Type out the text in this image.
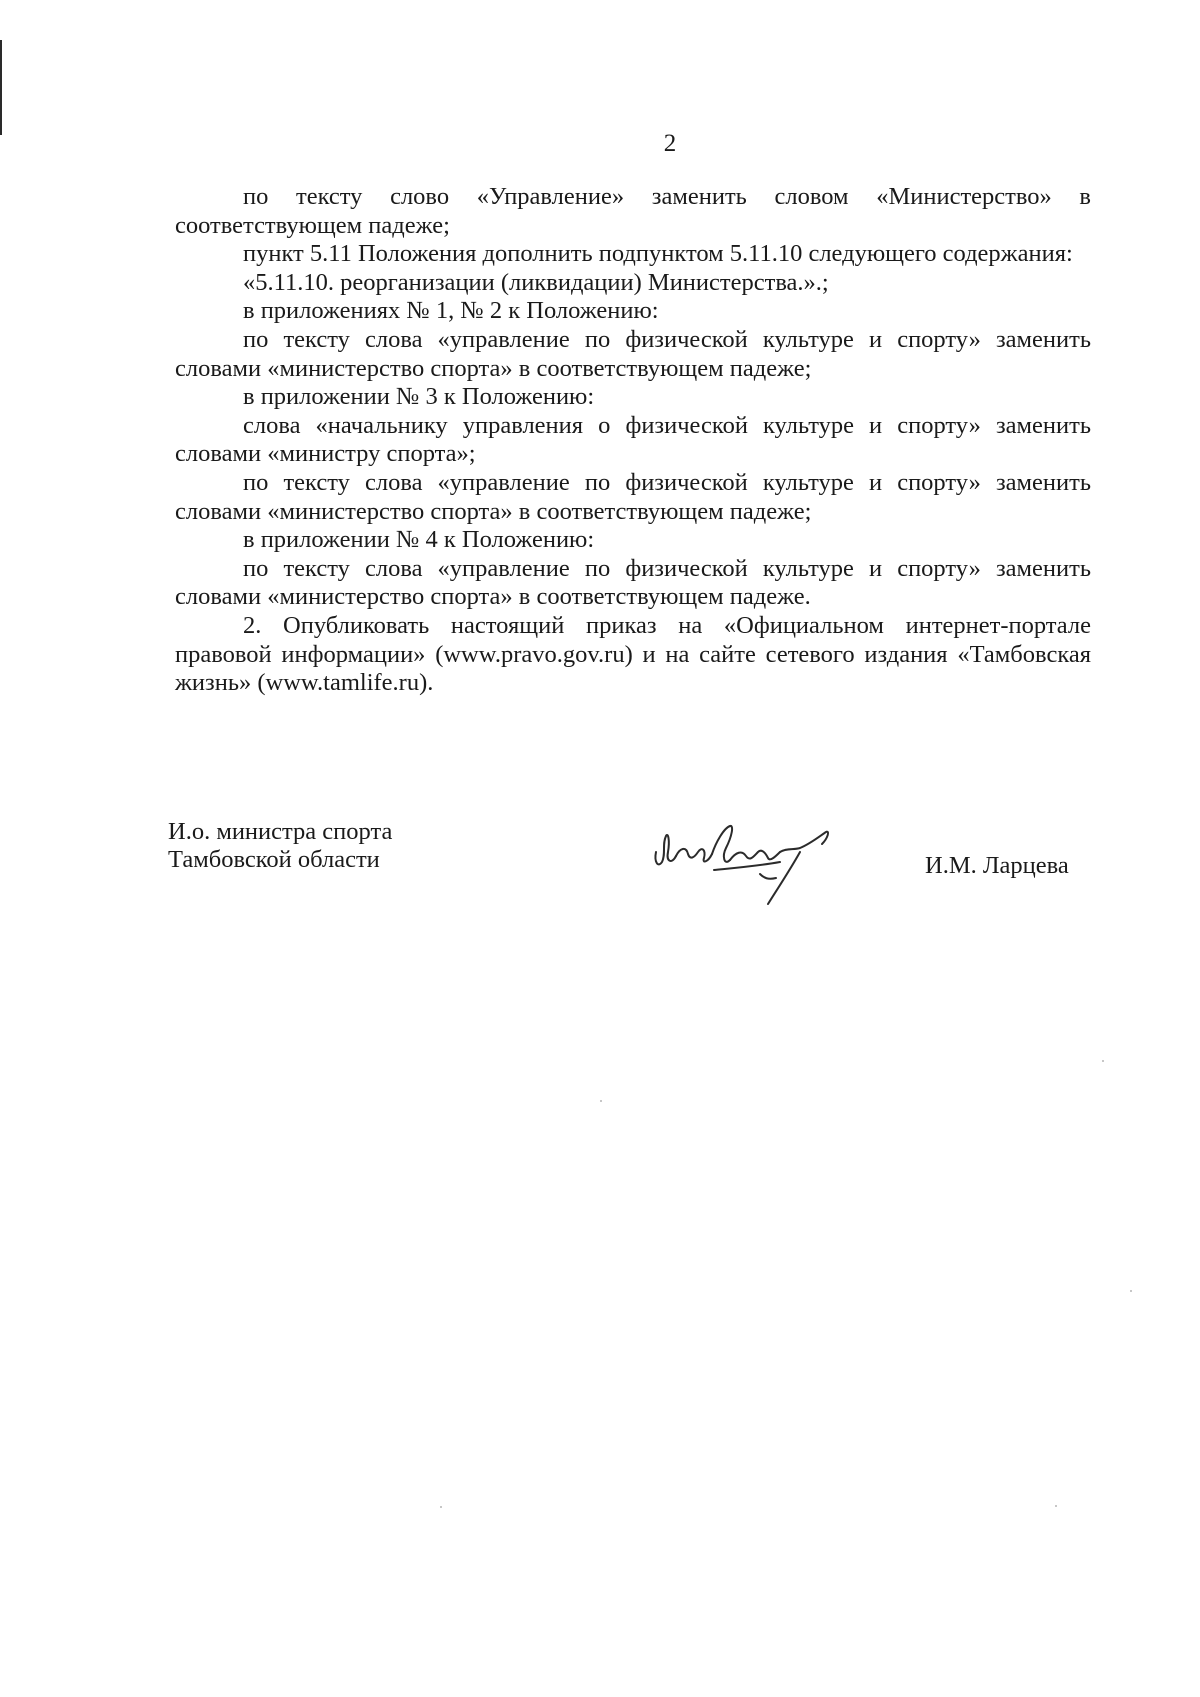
2

по тексту слово «Управление» заменить словом «Министерство» в соответствующем падеже;

пункт 5.11 Положения дополнить подпунктом 5.11.10 следующего содержания:

«5.11.10. реорганизации (ликвидации) Министерства.».;

в приложениях № 1, № 2 к Положению:

по тексту слова «управление по физической культуре и спорту» заменить словами «министерство спорта» в соответствующем падеже;

в приложении № 3 к Положению:

слова «начальнику управления о физической культуре и спорту» заменить словами «министру спорта»;

по тексту слова «управление по физической культуре и спорту» заменить словами «министерство спорта» в соответствующем падеже;

в приложении № 4 к Положению:

по тексту слова «управление по физической культуре и спорту» заменить словами «министерство спорта» в соответствующем падеже.

2. Опубликовать настоящий приказ на «Официальном интернет-портале правовой информации» (www.pravo.gov.ru) и на сайте сетевого издания «Тамбовская жизнь» (www.tamlife.ru).

И.о. министра спорта
Тамбовской области	И.М. Ларцева
